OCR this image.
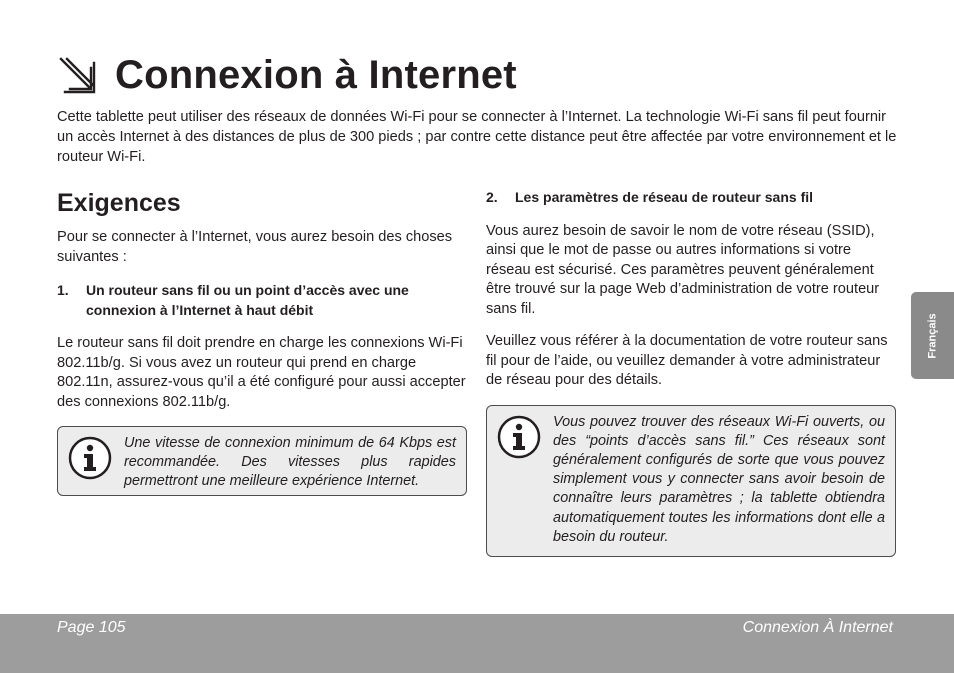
Connexion à Internet

Cette tablette peut utiliser des réseaux de données Wi-Fi pour se connecter à l’Internet. La technologie Wi-Fi sans fil peut fournir un accès Internet à des distances de plus de 300 pieds ; par contre cette distance peut être affectée par votre environnement et le routeur Wi-Fi.

Exigences

Pour se connecter à l’Internet, vous aurez besoin des choses suivantes :

1.	Un routeur sans fil ou un point d’accès avec une connexion à l’Internet à haut débit

Le routeur sans fil doit prendre en charge les connexions Wi-Fi 802.11b/g. Si vous avez un routeur qui prend en charge 802.11n, assurez-vous qu’il a été configuré pour aussi accepter des connexions 802.11b/g.

Une vitesse de connexion minimum de 64 Kbps est recommandée. Des vitesses plus rapides permettront une meilleure expérience Internet.

2.	Les paramètres de réseau de routeur sans fil

Vous aurez besoin de savoir le nom de votre réseau (SSID), ainsi que le mot de passe ou autres informations si votre réseau est sécurisé. Ces paramètres peuvent généralement être trouvé sur la page Web d’administration de votre routeur sans fil.

Veuillez vous référer à la documentation de votre routeur sans fil pour de l’aide, ou veuillez demander à votre administrateur de réseau pour des détails.

Vous pouvez trouver des réseaux Wi-Fi ouverts, ou des “points d’accès sans fil.” Ces réseaux sont généralement configurés de sorte que vous pouvez simplement vous y connecter sans avoir besoin de connaître leurs paramètres ; la tablette obtiendra automatiquement toutes les informations dont elle a besoin du routeur.

Français
Page 105	Connexion À Internet
